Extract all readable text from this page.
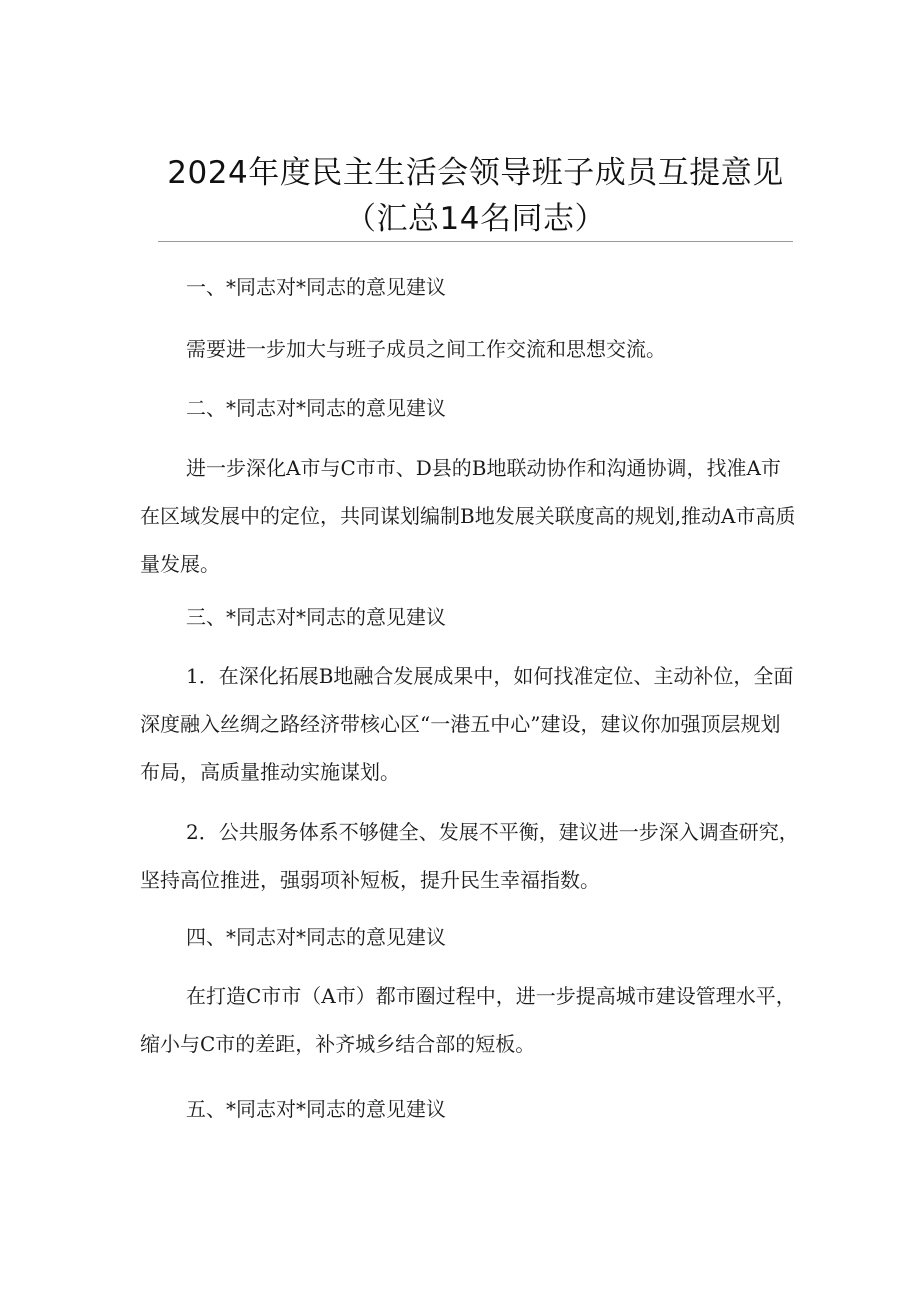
2024年度民主生活会领导班子成员互提意见
（汇总14名同志）
一、*同志对*同志的意见建议
需要进一步加大与班子成员之间工作交流和思想交流。
二、*同志对*同志的意见建议
进一步深化A市与C市市、D县的B地联动协作和沟通协调，找准A市在区域发展中的定位，共同谋划编制B地发展关联度高的规划,推动A市高质量发展。
三、*同志对*同志的意见建议
1．在深化拓展B地融合发展成果中，如何找准定位、主动补位，全面深度融入丝绸之路经济带核心区“一港五中心”建设，建议你加强顶层规划布局，高质量推动实施谋划。
2．公共服务体系不够健全、发展不平衡，建议进一步深入调查研究，坚持高位推进，强弱项补短板，提升民生幸福指数。
四、*同志对*同志的意见建议
在打造C市市（A市）都市圈过程中，进一步提高城市建设管理水平，缩小与C市的差距，补齐城乡结合部的短板。
五、*同志对*同志的意见建议
